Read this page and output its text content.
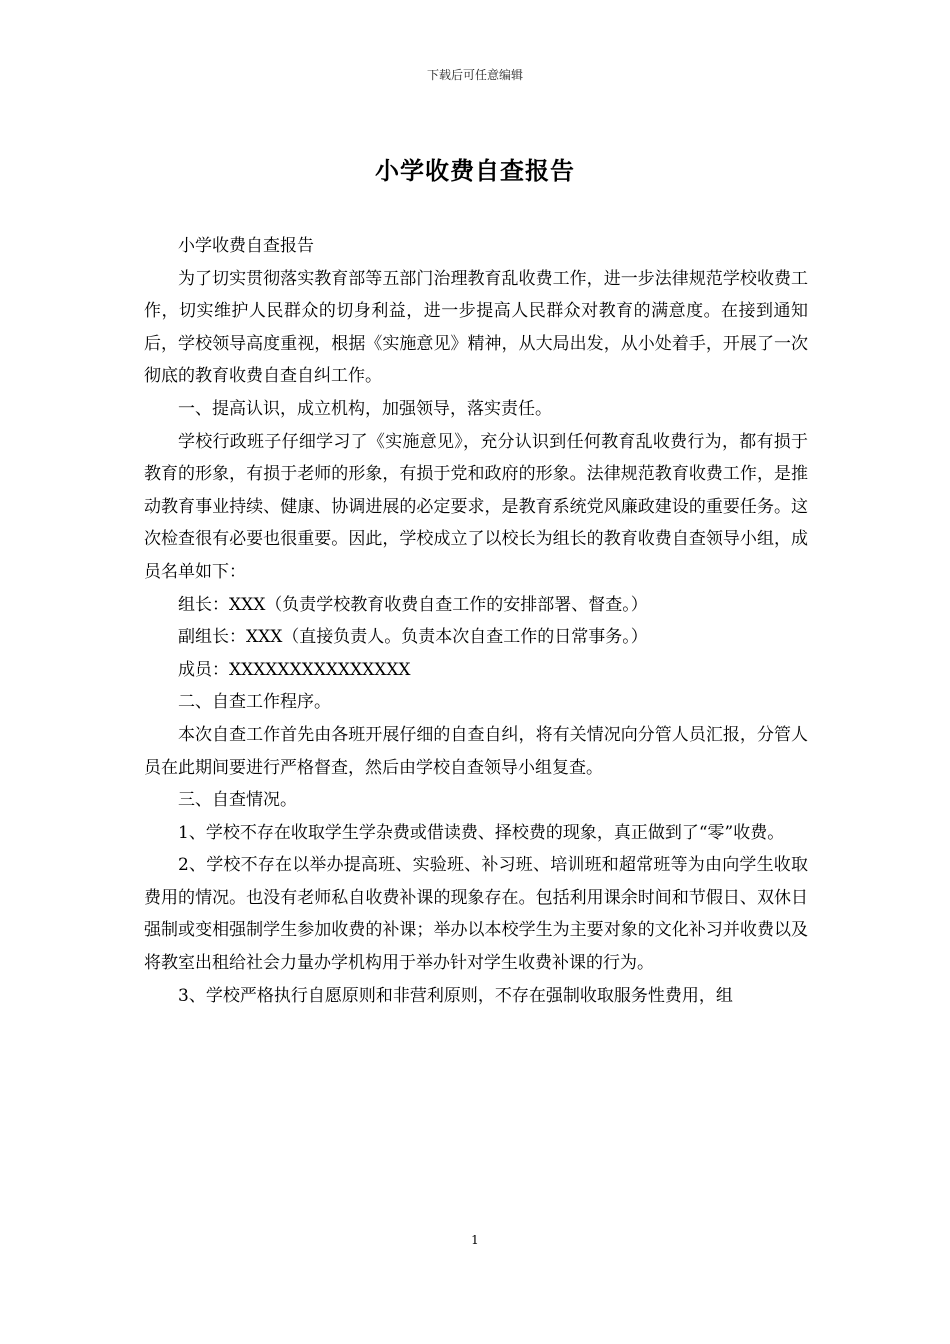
下载后可任意编辑
小学收费自查报告

小学收费自查报告

为了切实贯彻落实教育部等五部门治理教育乱收费工作，进一步法律规范学校收费工作，切实维护人民群众的切身利益，进一步提高人民群众对教育的满意度。在接到通知后，学校领导高度重视，根据《实施意见》精神，从大局出发，从小处着手，开展了一次彻底的教育收费自查自纠工作。

一、提高认识，成立机构，加强领导，落实责任。

学校行政班子仔细学习了《实施意见》，充分认识到任何教育乱收费行为，都有损于教育的形象，有损于老师的形象，有损于党和政府的形象。法律规范教育收费工作，是推动教育事业持续、健康、协调进展的必定要求，是教育系统党风廉政建设的重要任务。这次检查很有必要也很重要。因此，学校成立了以校长为组长的教育收费自查领导小组，成员名单如下：

组长：XXX（负责学校教育收费自查工作的安排部署、督查。）

副组长：XXX（直接负责人。负责本次自查工作的日常事务。）

成员：XXXXXXXXXXXXXXX

二、自查工作程序。

本次自查工作首先由各班开展仔细的自查自纠，将有关情况向分管人员汇报，分管人员在此期间要进行严格督查，然后由学校自查领导小组复查。

三、自查情况。

1、学校不存在收取学生学杂费或借读费、择校费的现象，真正做到了“零”收费。

2、学校不存在以举办提高班、实验班、补习班、培训班和超常班等为由向学生收取费用的情况。也没有老师私自收费补课的现象存在。包括利用课余时间和节假日、双休日强制或变相强制学生参加收费的补课；举办以本校学生为主要对象的文化补习并收费以及将教室出租给社会力量办学机构用于举办针对学生收费补课的行为。

3、学校严格执行自愿原则和非营利原则，不存在强制收取服务性费用，组

1
